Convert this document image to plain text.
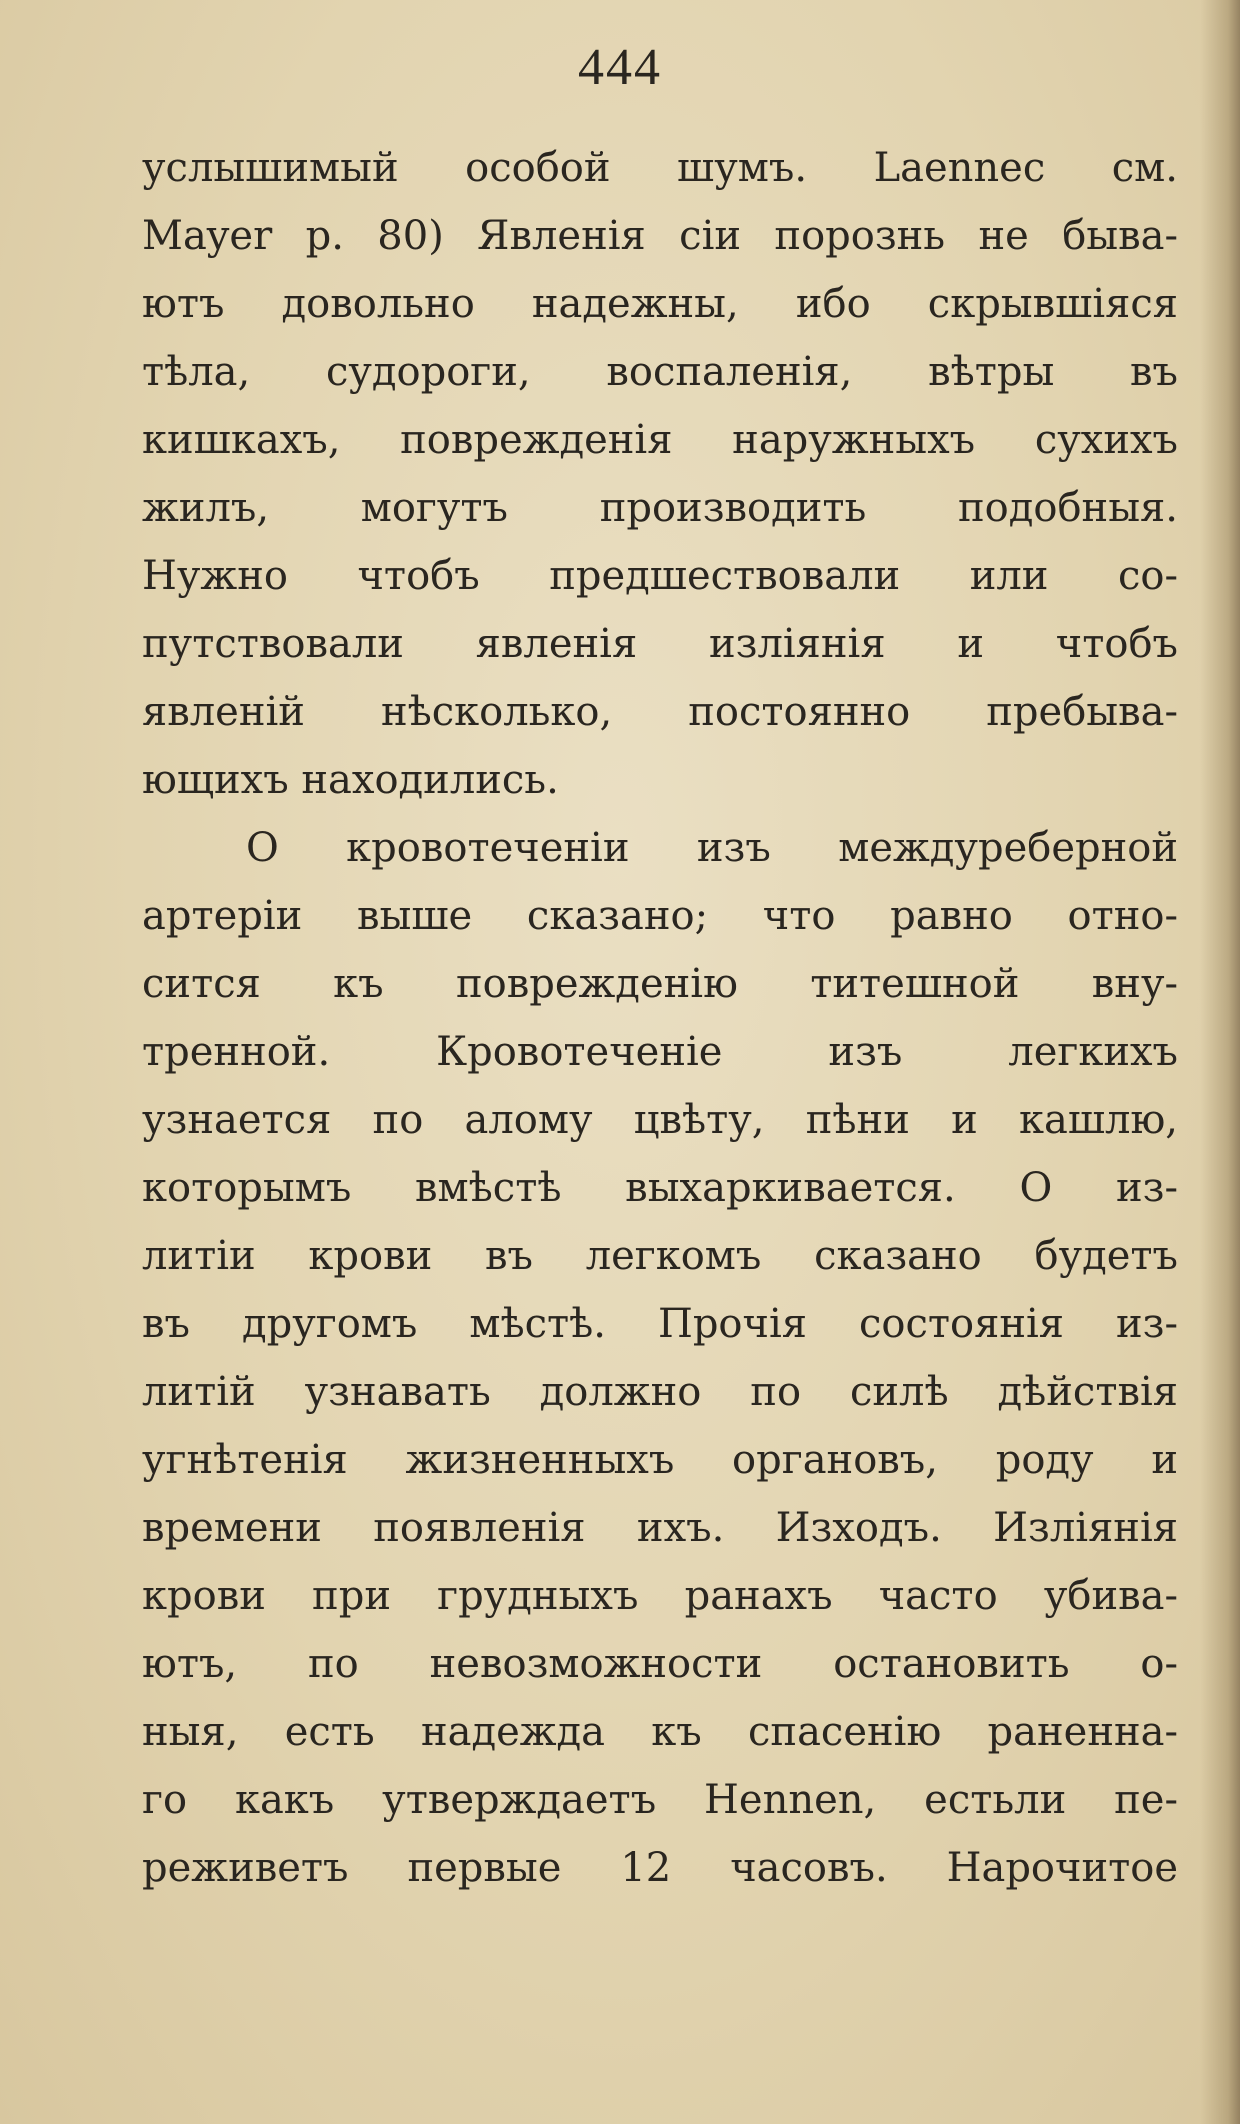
444
услышимый особой шумъ. Laennec см.
Mayer p. 80) Явленія сіи порознь не быва-
ютъ довольно надежны, ибо скрывшіяся
тѣла, судороги, воспаленія, вѣтры въ
кишкахъ, поврежденія наружныхъ сухихъ
жилъ, могутъ производить подобныя.
Нужно чтобъ предшествовали или со-
путствовали явленія изліянія и чтобъ
явленій нѣсколько, постоянно пребыва-
ющихъ находились.
О кровотеченіи изъ междуреберной
артеріи выше сказано; что равно отно-
сится къ поврежденію титешной вну-
тренной. Кровотеченіе изъ легкихъ
узнается по алому цвѣту, пѣни и кашлю,
которымъ вмѣстѣ выхаркивается. О из-
литіи крови въ легкомъ сказано будетъ
въ другомъ мѣстѣ. Прочія состоянія из-
литій узнавать должно по силѣ дѣйствія
угнѣтенія жизненныхъ органовъ, роду и
времени появленія ихъ. Изходъ. Изліянія
крови при грудныхъ ранахъ часто убива-
ютъ, по невозможности остановить о-
ныя, есть надежда къ спасенію раненна-
го какъ утверждаетъ Hennen, естьли пе-
реживетъ первые 12 часовъ. Нарочитое
